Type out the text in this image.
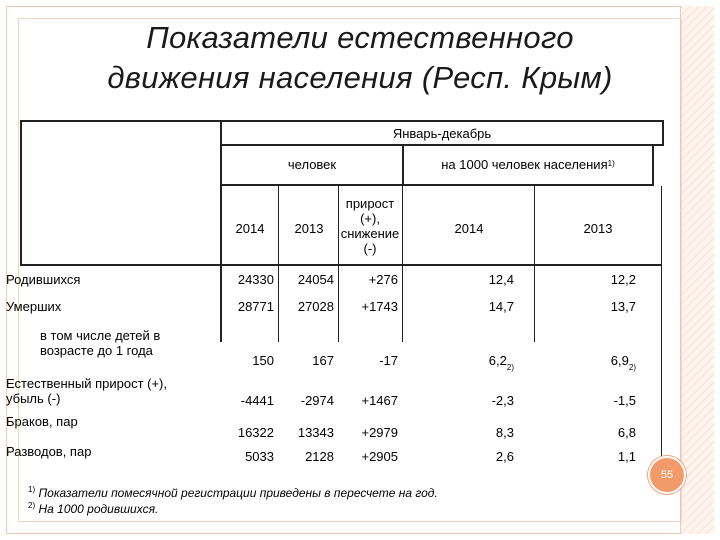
Показатели естественного
движения населения (Респ. Крым)
Январь-декабрь
человек	на 1000 человек населения 1)
2014	2013
прирост (+), снижение (-)
2014	2013
Родившихся	24330 24054	+276	12,4	12,2
Умерших	28771 27028 +1743	14,7	13,7
в том числе детей в возрасте до 1 года
150	167	-17	6,2 2)	6,9 2)
Естественный прирост (+), убыль (-)	-4441 -2974 +1467	-2,3	-1,5
Браков, пар
16322 13343 +2979	8,3	6,8
Разводов, пар	5033 2128 +2905	2,6	1,1
55
$^{1)}$ Показатели помесячной регистрации приведены в пересчете на год.
$^{2)}$ На 1000 родившихся.
